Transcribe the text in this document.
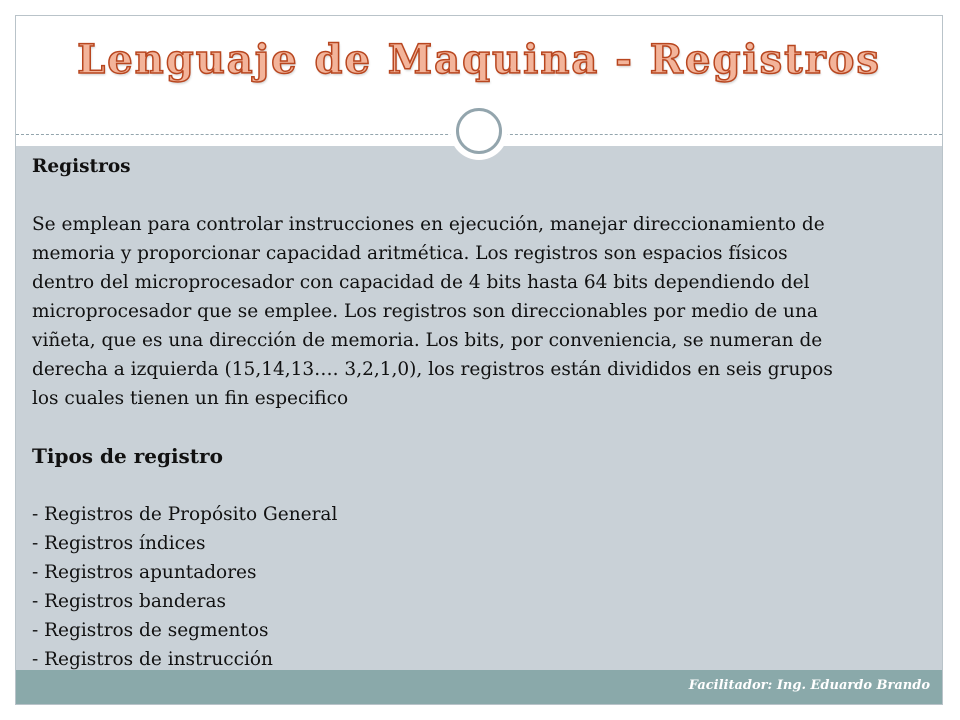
Lenguaje de Maquina - Registros

Registros

Se emplean para controlar instrucciones en ejecución, manejar direccionamiento de
memoria y proporcionar capacidad aritmética. Los registros son espacios físicos
dentro del microprocesador con capacidad de 4 bits hasta 64 bits dependiendo del
microprocesador que se emplee. Los registros son direccionables por medio de una
viñeta, que es una dirección de memoria. Los bits, por conveniencia, se numeran de
derecha a izquierda (15,14,13…. 3,2,1,0), los registros están divididos en seis grupos
los cuales tienen un fin especifico

Tipos de registro

- Registros de Propósito General
- Registros índices
- Registros apuntadores
- Registros banderas
- Registros de segmentos
- Registros de instrucción
Facilitador: Ing. Eduardo Brando
